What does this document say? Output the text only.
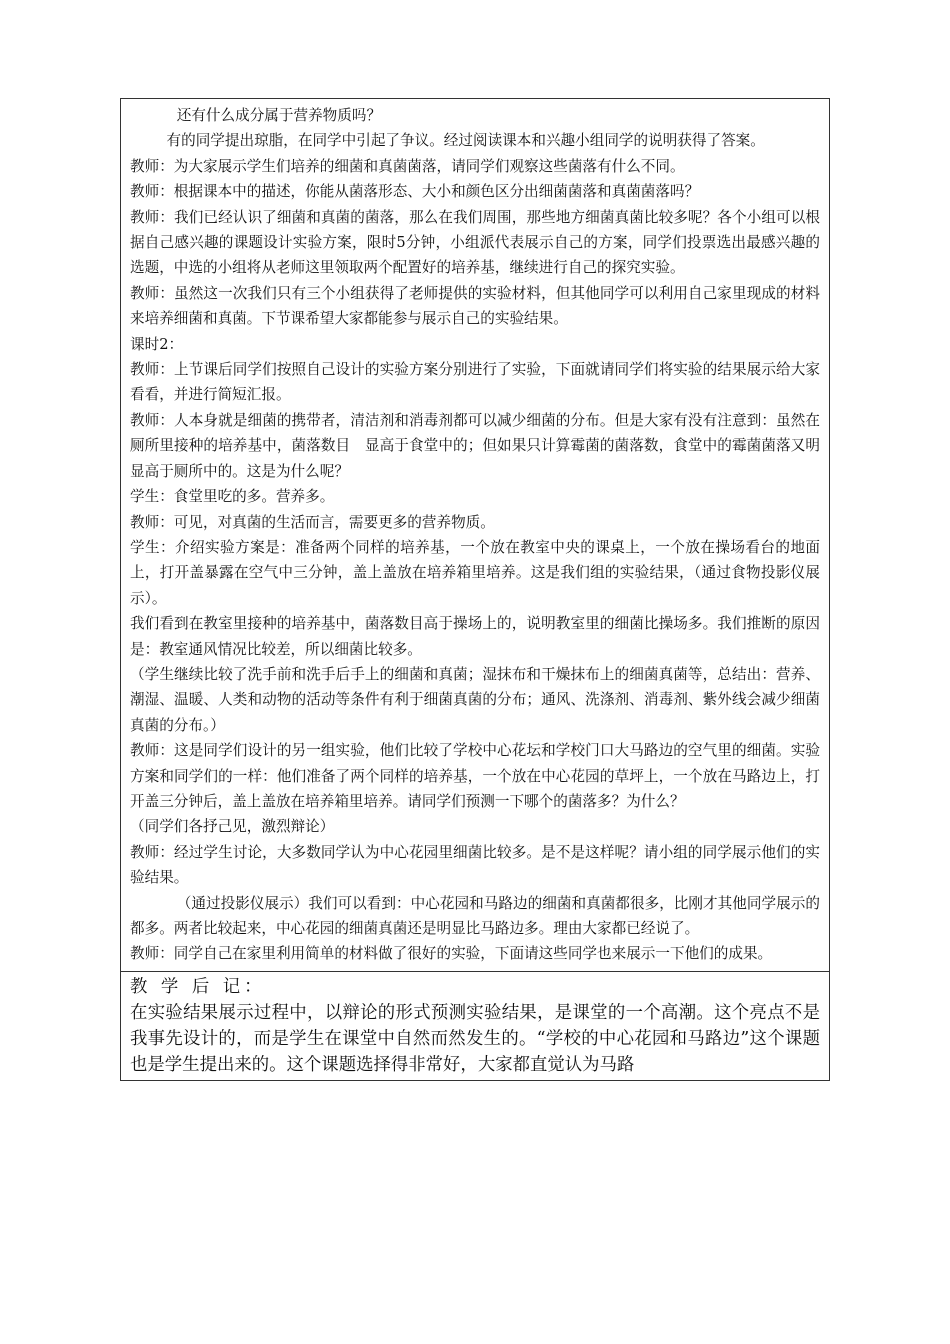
还有什么成分属于营养物质吗？

有的同学提出琼脂，在同学中引起了争议。经过阅读课本和兴趣小组同学的说明获得了答案。

教师：为大家展示学生们培养的细菌和真菌菌落，请同学们观察这些菌落有什么不同。

教师：根据课本中的描述，你能从菌落形态、大小和颜色区分出细菌菌落和真菌菌落吗？

教师：我们已经认识了细菌和真菌的菌落，那么在我们周围，那些地方细菌真菌比较多呢？各个小组可以根据自己感兴趣的课题设计实验方案，限时5分钟，小组派代表展示自己的方案，同学们投票选出最感兴趣的选题，中选的小组将从老师这里领取两个配置好的培养基，继续进行自己的探究实验。

教师：虽然这一次我们只有三个小组获得了老师提供的实验材料，但其他同学可以利用自己家里现成的材料来培养细菌和真菌。下节课希望大家都能参与展示自己的实验结果。

课时2：

教师：上节课后同学们按照自己设计的实验方案分别进行了实验，下面就请同学们将实验的结果展示给大家看看，并进行简短汇报。

教师：人本身就是细菌的携带者，清洁剂和消毒剂都可以减少细菌的分布。但是大家有没有注意到：虽然在厕所里接种的培养基中，菌落数目　显高于食堂中的；但如果只计算霉菌的菌落数，食堂中的霉菌菌落又明显高于厕所中的。这是为什么呢？

学生：食堂里吃的多。营养多。

教师：可见，对真菌的生活而言，需要更多的营养物质。

学生：介绍实验方案是：准备两个同样的培养基，一个放在教室中央的课桌上，一个放在操场看台的地面上，打开盖暴露在空气中三分钟，盖上盖放在培养箱里培养。这是我们组的实验结果，（通过食物投影仪展示）。

我们看到在教室里接种的培养基中，菌落数目高于操场上的，说明教室里的细菌比操场多。我们推断的原因是：教室通风情况比较差，所以细菌比较多。

（学生继续比较了洗手前和洗手后手上的细菌和真菌；湿抹布和干燥抹布上的细菌真菌等，总结出：营养、潮湿、温暖、人类和动物的活动等条件有利于细菌真菌的分布；通风、洗涤剂、消毒剂、紫外线会减少细菌真菌的分布。）

教师：这是同学们设计的另一组实验，他们比较了学校中心花坛和学校门口大马路边的空气里的细菌。实验方案和同学们的一样：他们准备了两个同样的培养基，一个放在中心花园的草坪上，一个放在马路边上，打开盖三分钟后，盖上盖放在培养箱里培养。请同学们预测一下哪个的菌落多？为什么？

（同学们各抒己见，激烈辩论）

教师：经过学生讨论，大多数同学认为中心花园里细菌比较多。是不是这样呢？请小组的同学展示他们的实验结果。

（通过投影仪展示）我们可以看到：中心花园和马路边的细菌和真菌都很多，比刚才其他同学展示的都多。两者比较起来，中心花园的细菌真菌还是明显比马路边多。理由大家都已经说了。

教师：同学自己在家里利用简单的材料做了很好的实验，下面请这些同学也来展示一下他们的成果。

教 学 后 记：

在实验结果展示过程中，以辩论的形式预测实验结果，是课堂的一个高潮。这个亮点不是我事先设计的，而是学生在课堂中自然而然发生的。“学校的中心花园和马路边”这个课题也是学生提出来的。这个课题选择得非常好，大家都直觉认为马路
